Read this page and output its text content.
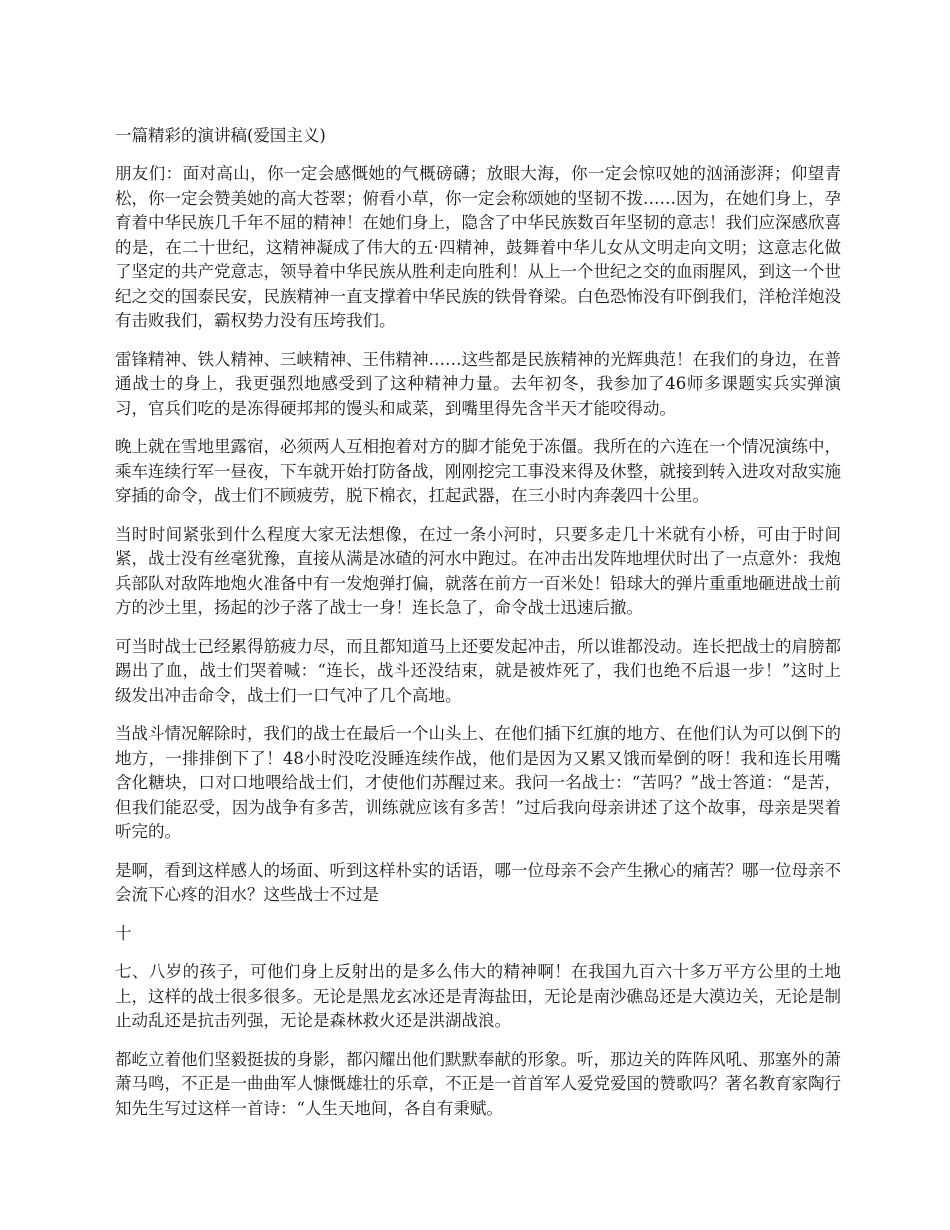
一篇精彩的演讲稿(爱国主义)

朋友们：面对高山，你一定会感慨她的气概磅礴；放眼大海，你一定会惊叹她的汹涌澎湃；仰望青松，你一定会赞美她的高大苍翠；俯看小草，你一定会称颂她的坚韧不拨……因为，在她们身上，孕育着中华民族几千年不屈的精神！在她们身上，隐含了中华民族数百年坚韧的意志！我们应深感欣喜的是，在二十世纪，这精神凝成了伟大的五·四精神，鼓舞着中华儿女从文明走向文明；这意志化做了坚定的共产党意志，领导着中华民族从胜利走向胜利！从上一个世纪之交的血雨腥风，到这一个世纪之交的国泰民安，民族精神一直支撑着中华民族的铁骨脊梁。白色恐怖没有吓倒我们，洋枪洋炮没有击败我们，霸权势力没有压垮我们。

雷锋精神、铁人精神、三峡精神、王伟精神……这些都是民族精神的光辉典范！在我们的身边，在普通战士的身上，我更强烈地感受到了这种精神力量。去年初冬，我参加了46师多课题实兵实弹演习，官兵们吃的是冻得硬邦邦的馒头和咸菜，到嘴里得先含半天才能咬得动。

晚上就在雪地里露宿，必须两人互相抱着对方的脚才能免于冻僵。我所在的六连在一个情况演练中，乘车连续行军一昼夜，下车就开始打防备战，刚刚挖完工事没来得及休整，就接到转入进攻对敌实施穿插的命令，战士们不顾疲劳，脱下棉衣，扛起武器，在三小时内奔袭四十公里。

当时时间紧张到什么程度大家无法想像，在过一条小河时，只要多走几十米就有小桥，可由于时间紧，战士没有丝毫犹豫，直接从满是冰碴的河水中跑过。在冲击出发阵地埋伏时出了一点意外：我炮兵部队对敌阵地炮火准备中有一发炮弹打偏，就落在前方一百米处！铅球大的弹片重重地砸进战士前方的沙土里，扬起的沙子落了战士一身！连长急了，命令战士迅速后撤。

可当时战士已经累得筋疲力尽，而且都知道马上还要发起冲击，所以谁都没动。连长把战士的肩膀都踢出了血，战士们哭着喊：“连长，战斗还没结束，就是被炸死了，我们也绝不后退一步！”这时上级发出冲击命令，战士们一口气冲了几个高地。

当战斗情况解除时，我们的战士在最后一个山头上、在他们插下红旗的地方、在他们认为可以倒下的地方，一排排倒下了！48小时没吃没睡连续作战，他们是因为又累又饿而晕倒的呀！我和连长用嘴含化糖块，口对口地喂给战士们，才使他们苏醒过来。我问一名战士：“苦吗？”战士答道：“是苦，但我们能忍受，因为战争有多苦，训练就应该有多苦！”过后我向母亲讲述了这个故事，母亲是哭着听完的。

是啊，看到这样感人的场面、听到这样朴实的话语，哪一位母亲不会产生揪心的痛苦？哪一位母亲不会流下心疼的泪水？这些战士不过是

十

七、八岁的孩子，可他们身上反射出的是多么伟大的精神啊！在我国九百六十多万平方公里的土地上，这样的战士很多很多。无论是黑龙玄冰还是青海盐田，无论是南沙礁岛还是大漠边关，无论是制止动乱还是抗击列强，无论是森林救火还是洪湖战浪。

都屹立着他们坚毅挺拔的身影，都闪耀出他们默默奉献的形象。听，那边关的阵阵风吼、那塞外的萧萧马鸣，不正是一曲曲军人慷慨雄壮的乐章，不正是一首首军人爱党爱国的赞歌吗？著名教育家陶行知先生写过这样一首诗：“人生天地间，各自有秉赋。
